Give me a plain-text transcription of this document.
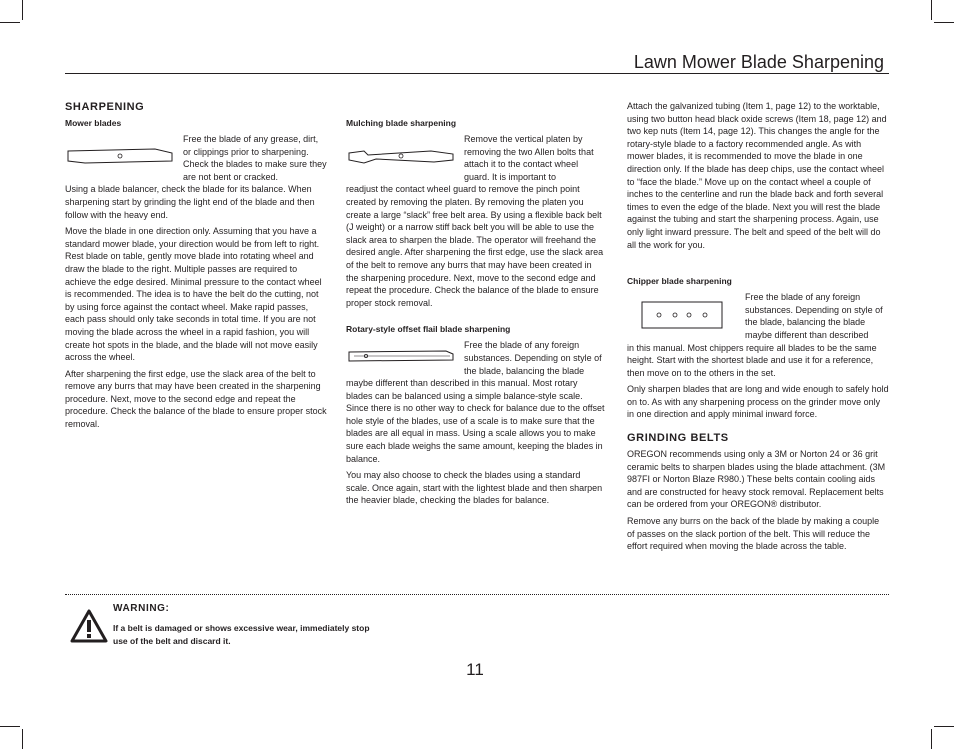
Lawn Mower Blade Sharpening
SHARPENING
Mower blades
Free the blade of any grease, dirt, or clippings prior to sharpening. Check the blades to make sure they are not bent or cracked.

Using a blade balancer, check the blade for its balance. When sharpening start by grinding the light end of the blade and then follow with the heavy end.

Move the blade in one direction only. Assuming that you have a standard mower blade, your direction would be from left to right. Rest blade on table, gently move blade into rotating wheel and draw the blade to the right. Multiple passes are required to achieve the edge desired. Minimal pressure to the contact wheel is recommended. The idea is to have the belt do the cutting, not by using force against the contact wheel. Make rapid passes, each pass should only take seconds in total time. If you are not moving the blade across the wheel in a rapid fashion, you will create hot spots in the blade, and the blade will not move easily across the wheel.

After sharpening the first edge, use the slack area of the belt to remove any burrs that may have been created in the sharpening procedure. Next, move to the second edge and repeat the procedure. Check the balance of the blade to ensure proper stock removal.

Mulching blade sharpening
Remove the vertical platen by removing the two Allen bolts that attach it to the contact wheel guard. It is important to

readjust the contact wheel guard to remove the pinch point created by removing the platen. By removing the platen you create a large “slack” free belt area. By using a flexible back belt (J weight) or a narrow stiff back belt you will be able to use the slack area to sharpen the blade. The operator will freehand the desired angle. After sharpening the first edge, use the slack area of the belt to remove any burrs that may have been created in the sharpening procedure. Next, move to the second edge and repeat the procedure. Check the balance of the blade to ensure proper stock removal.

Rotary-style offset flail blade sharpening
Free the blade of any foreign substances. Depending on style of the blade, balancing the blade

maybe different than described in this manual. Most rotary blades can be balanced using a simple balance-style scale. Since there is no other way to check for balance due to the offset hole style of the blades, use of a scale is to make sure that the blades are all equal in mass. Using a scale allows you to make sure each blade weighs the same amount, keeping the blades in balance.

You may also choose to check the blades using a standard scale. Once again, start with the lightest blade and then sharpen the heavier blade, checking the blades for balance.

Attach the galvanized tubing (Item 1, page 12) to the worktable, using two button head black oxide screws (Item 18, page 12) and two kep nuts (Item 14, page 12). This changes the angle for the rotary-style blade to a factory recommended angle. As with mower blades, it is recommended to move the blade in one direction only. If the blade has deep chips, use the contact wheel to “face the blade.” Move up on the contact wheel a couple of inches to the centerline and run the blade back and forth several times to even the edge of the blade. Next you will rest the blade against the tubing and start the sharpening process. Again, use only light inward pressure. The belt and speed of the belt will do all the work for you.

Chipper blade sharpening
Free the blade of any foreign substances. Depending on style of the blade, balancing the blade maybe different than described

in this manual. Most chippers require all blades to be the same height. Start with the shortest blade and use it for a reference, then move on to the others in the set.

Only sharpen blades that are long and wide enough to safely hold on to. As with any sharpening process on the grinder move only in one direction and apply minimal inward force.

GRINDING BELTS

OREGON recommends using only a 3M or Norton 24 or 36 grit ceramic belts to sharpen blades using the blade attachment. (3M 987FI or Norton Blaze R980.) These belts contain cooling aids and are constructed for heavy stock removal. Replacement belts can be ordered from your OREGON® distributor.

Remove any burrs on the back of the blade by making a couple of passes on the slack portion of the belt. This will reduce the effort required when moving the blade across the table.

WARNING:
If a belt is damaged or shows excessive wear, immediately stop use of the belt and discard it.
11
